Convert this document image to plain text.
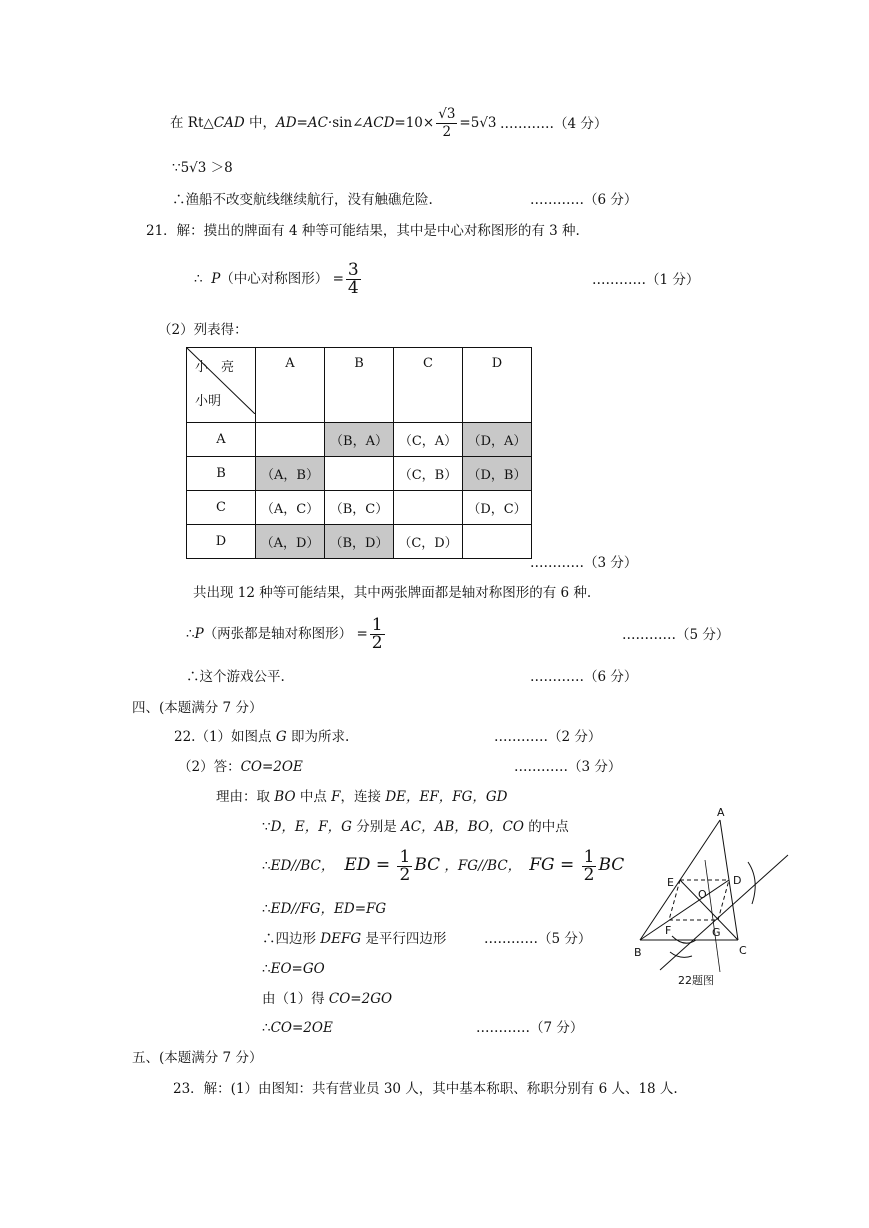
在 Rt△CAD 中，AD=AC·sin∠ACD=10× $\frac{√3}{2} =5√3$ …………（4 分）
∵5√3 ＞8
∴渔船不改变航线继续航行，没有触礁危险.	…………（6 分）
21．解：摸出的牌面有 4 种等可能结果，其中是中心对称图形的有 3 种.
∴ P（中心对称图形） = $\frac{3}{4}$	…………（1 分）
（2）列表得：
小　亮
小明	A	B	C	D
A		（B，A）	（C，A）	（D，A）
B	（A，B）		（C，B）	（D，B）
C	（A，C）	（B，C）		（D，C）
D	（A，D）	（B，D）	（C，D）	
…………（3 分）
共出现 12 种等可能结果，其中两张牌面都是轴对称图形的有 6 种.
∴P（两张都是轴对称图形） = $\frac{1}{2}$	…………（5 分）
∴这个游戏公平.	…………（6 分）
四、(本题满分 7 分）
22.（1）如图点 G 即为所求.	…………（2 分）
（2）答：CO=2OE	…………（3 分）
理由：取 BO 中点 F，连接 DE，EF，FG，GD
∵D，E，F，G 分别是 AC，AB，BO，CO 的中点
∴ED//BC， ED = $\frac{1}{2}$ BC ，FG//BC， FG = $\frac{1}{2}$ BC
∴ED//FG，ED=FG
∴四边形 DEFG 是平行四边形	…………（5 分）
∴EO=GO
由（1）得 CO=2GO
∴CO=2OE	…………（7 分）
五、(本题满分 7 分）
23．解：(1）由图知：共有营业员 30 人，其中基本称职、称职分别有 6 人、18 人.
A
B	C
D
E
F	G
O
22题图
